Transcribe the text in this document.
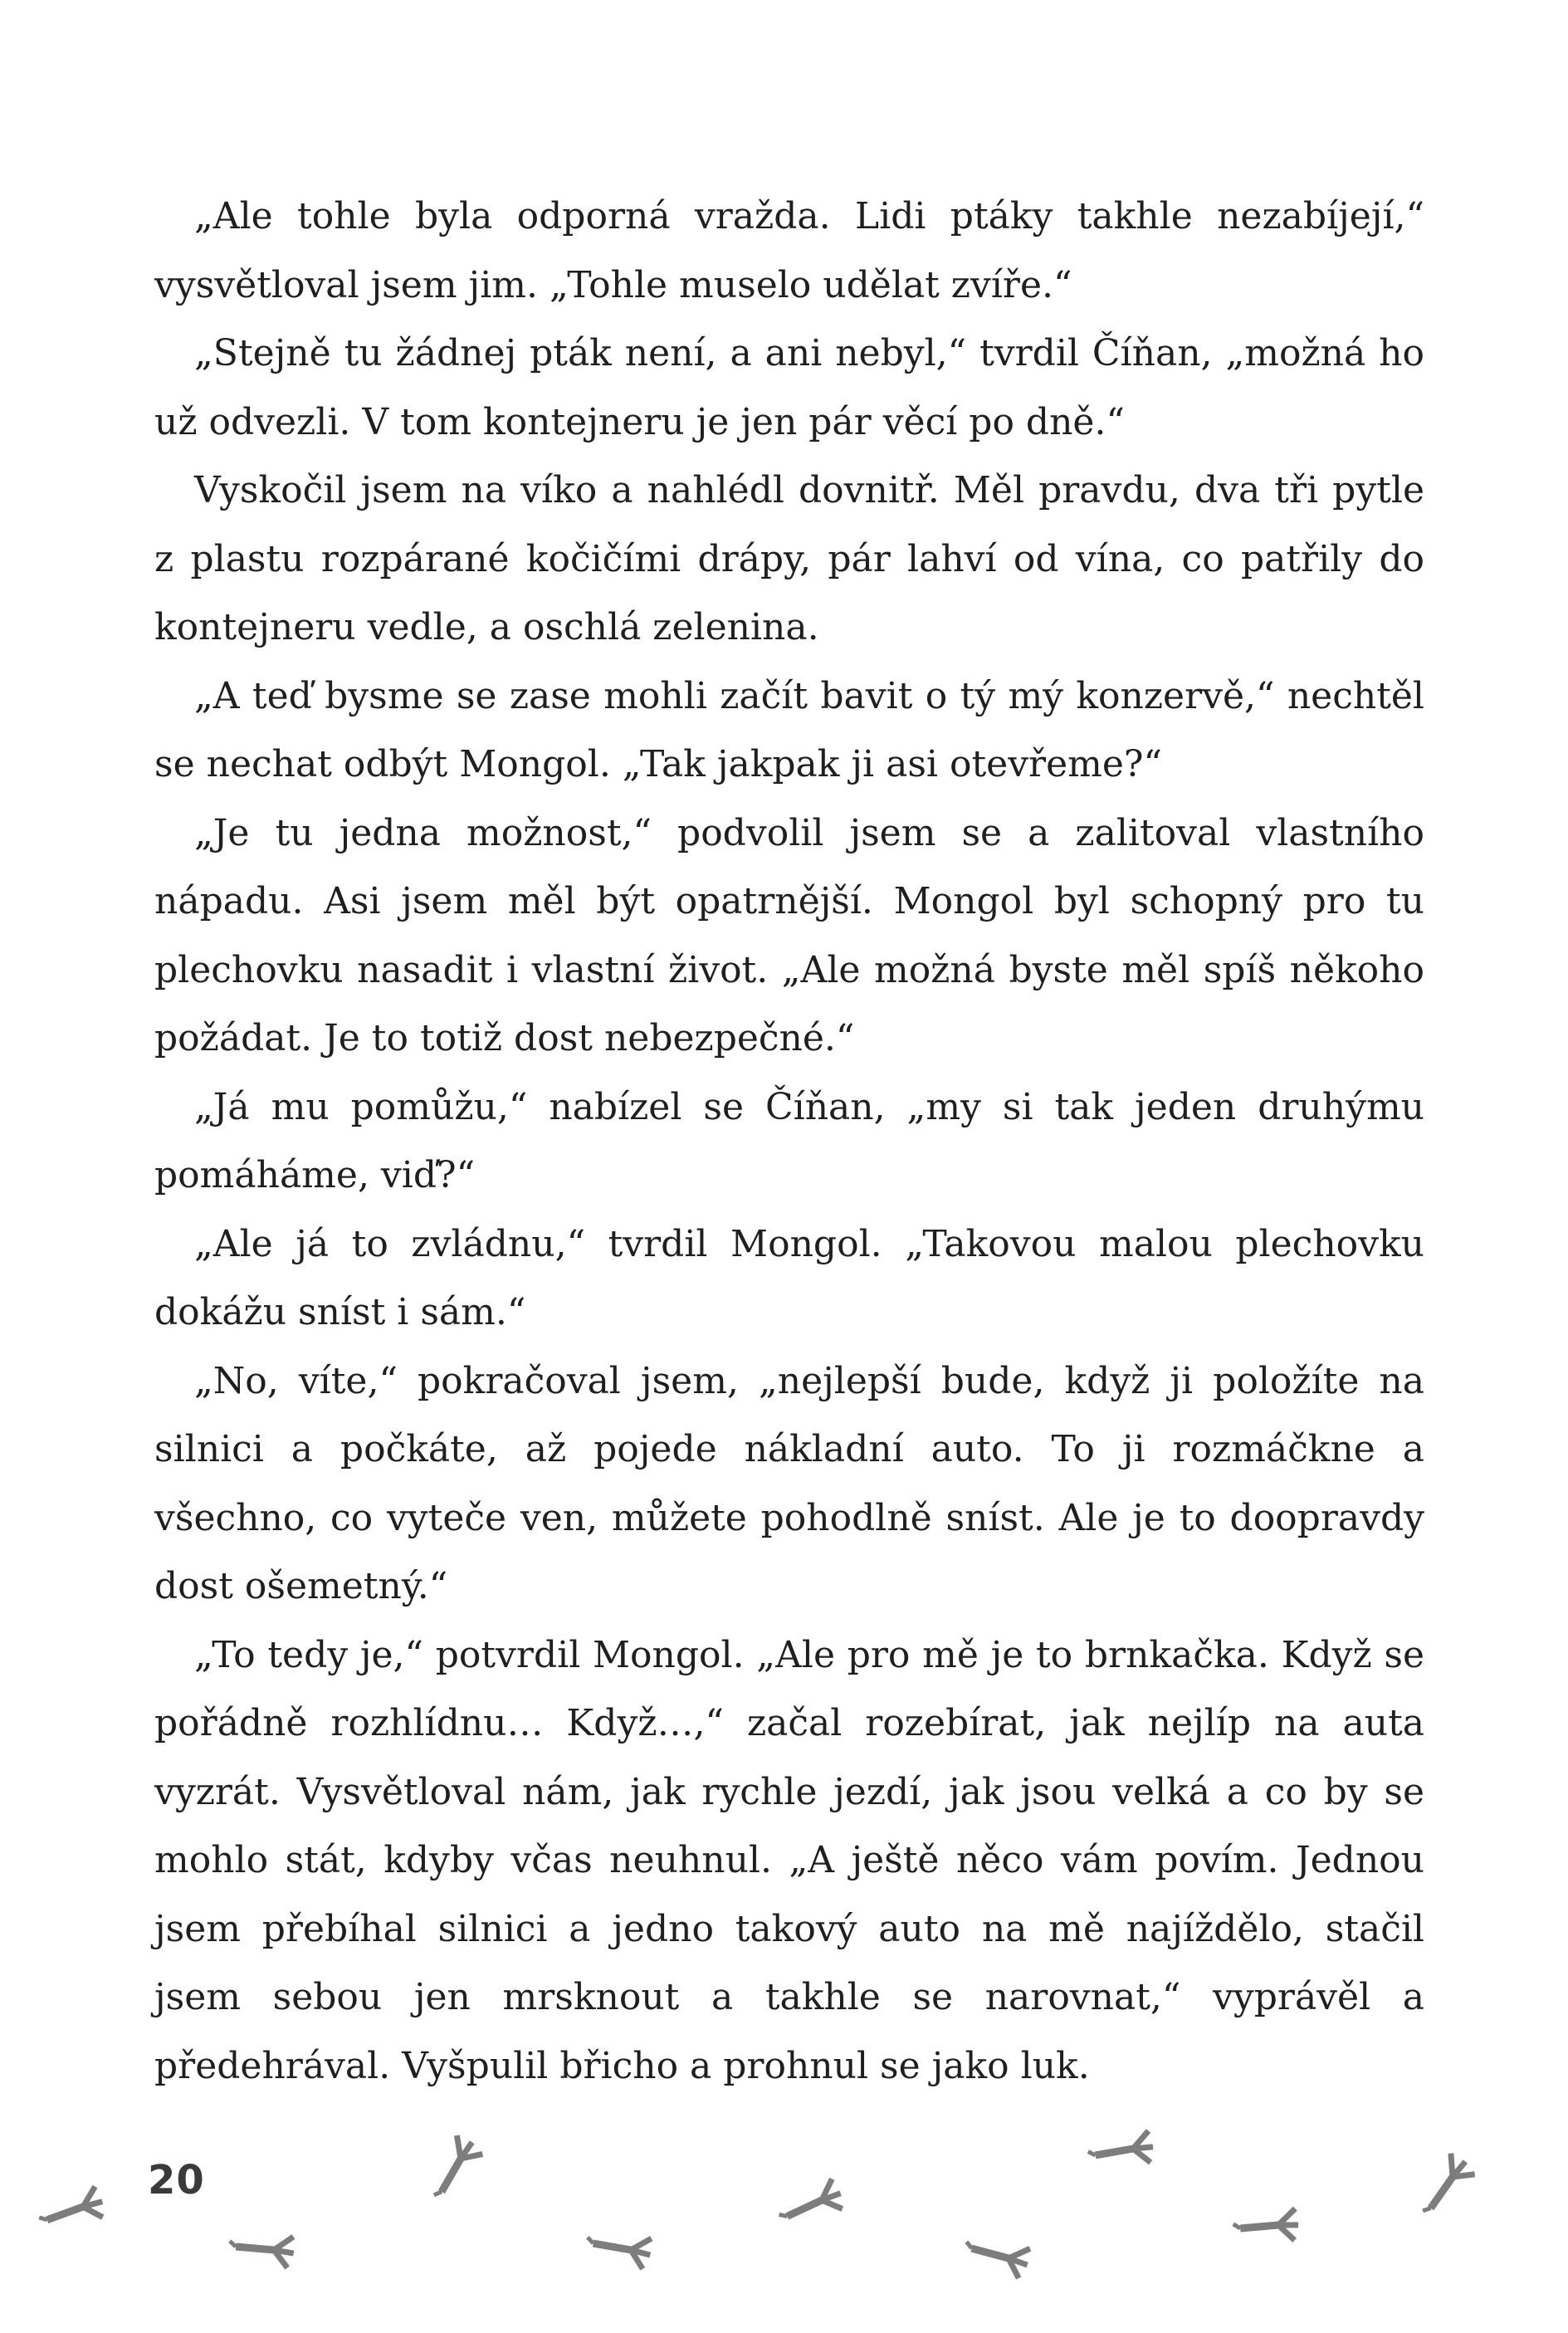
„Ale tohle byla odporná vražda. Lidi ptáky takhle nezabíjejí,“ vysvětloval jsem jim. „Tohle muselo udělat zvíře.“

„Stejně tu žádnej pták není, a ani nebyl,“ tvrdil Číňan, „možná ho už odvezli. V tom kontejneru je jen pár věcí po dně.“

Vyskočil jsem na víko a nahlédl dovnitř. Měl pravdu, dva tři pytle z plastu rozpárané kočičími drápy, pár lahví od vína, co patřily do kontejneru vedle, a oschlá zelenina.

„A teď bysme se zase mohli začít bavit o tý mý konzervě,“ nechtěl se nechat odbýt Mongol. „Tak jakpak ji asi otevřeme?“

„Je tu jedna možnost,“ podvolil jsem se a zalitoval vlastního nápadu. Asi jsem měl být opatrnější. Mongol byl schopný pro tu plechovku nasadit i vlastní život. „Ale možná byste měl spíš někoho požádat. Je to totiž dost nebezpečné.“

„Já mu pomůžu,“ nabízel se Číňan, „my si tak jeden druhýmu pomáháme, viď?“

„Ale já to zvládnu,“ tvrdil Mongol. „Takovou malou plechovku dokážu sníst i sám.“

„No, víte,“ pokračoval jsem, „nejlepší bude, když ji položíte na silnici a počkáte, až pojede nákladní auto. To ji rozmáčkne a všechno, co vyteče ven, můžete pohodlně sníst. Ale je to doopravdy dost ošemetný.“

„To tedy je,“ potvrdil Mongol. „Ale pro mě je to brnkačka. Když se pořádně rozhlídnu… Když…,“ začal rozebírat, jak nejlíp na auta vyzrát. Vysvětloval nám, jak rychle jezdí, jak jsou velká a co by se mohlo stát, kdyby včas neuhnul. „A ještě něco vám povím. Jednou jsem přebíhal silnici a jedno takový auto na mě najíždělo, stačil jsem sebou jen mrsknout a takhle se narovnat,“ vyprávěl a předehrával. Vyšpulil břicho a prohnul se jako luk.

20
